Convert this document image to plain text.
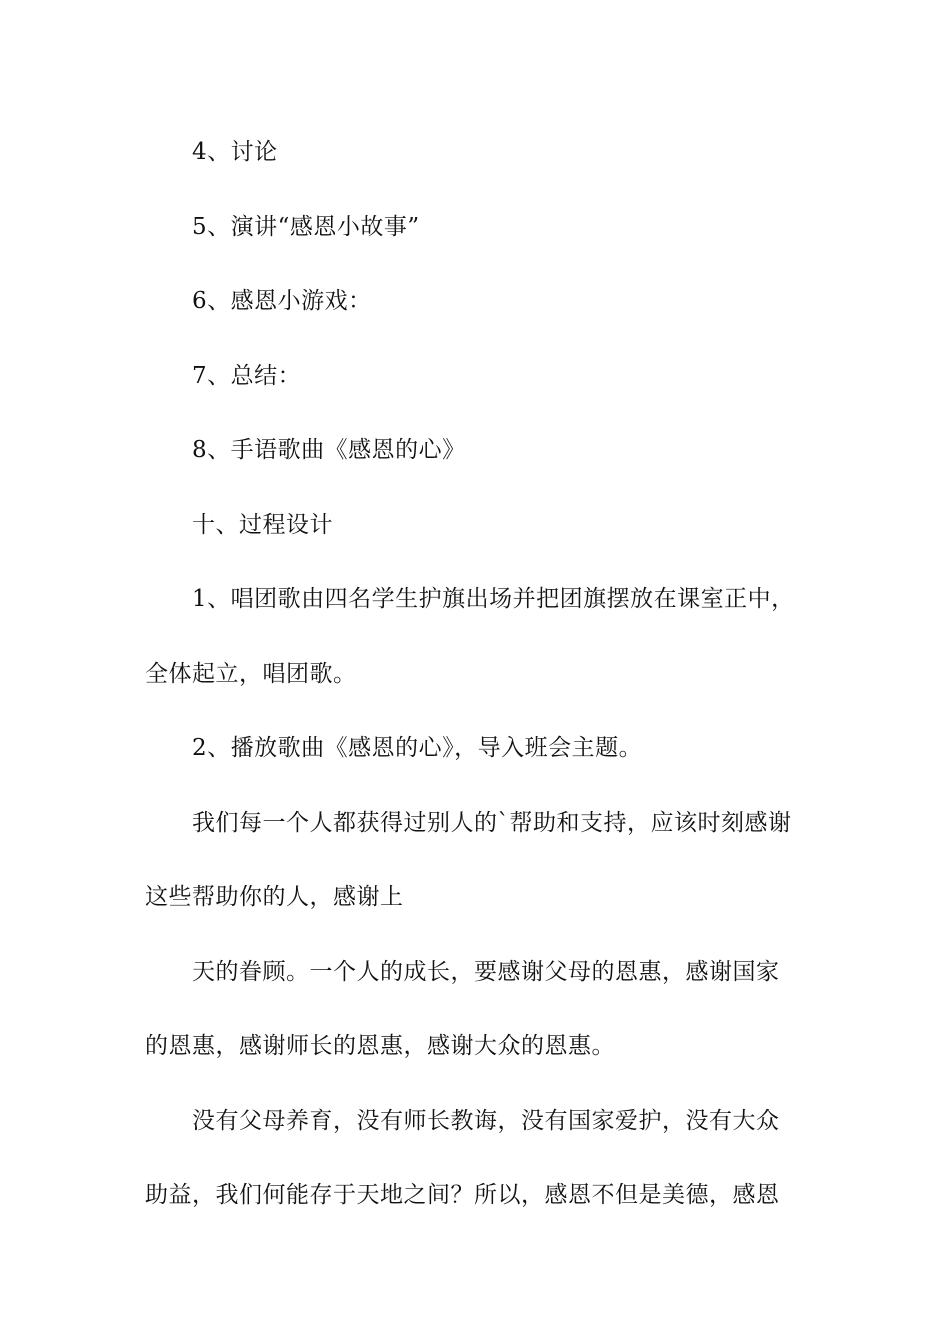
4、讨论
5、演讲“感恩小故事”
6、感恩小游戏：
7、总结：
8、手语歌曲《感恩的心》
十、过程设计
1、唱团歌由四名学生护旗出场并把团旗摆放在课室正中，
全体起立，唱团歌。
2、播放歌曲《感恩的心》，导入班会主题。
我们每一个人都获得过别人的`帮助和支持，应该时刻感谢
这些帮助你的人，感谢上
天的眷顾。一个人的成长，要感谢父母的恩惠，感谢国家
的恩惠，感谢师长的恩惠，感谢大众的恩惠。
没有父母养育，没有师长教诲，没有国家爱护，没有大众
助益，我们何能存于天地之间？所以，感恩不但是美德，感恩
